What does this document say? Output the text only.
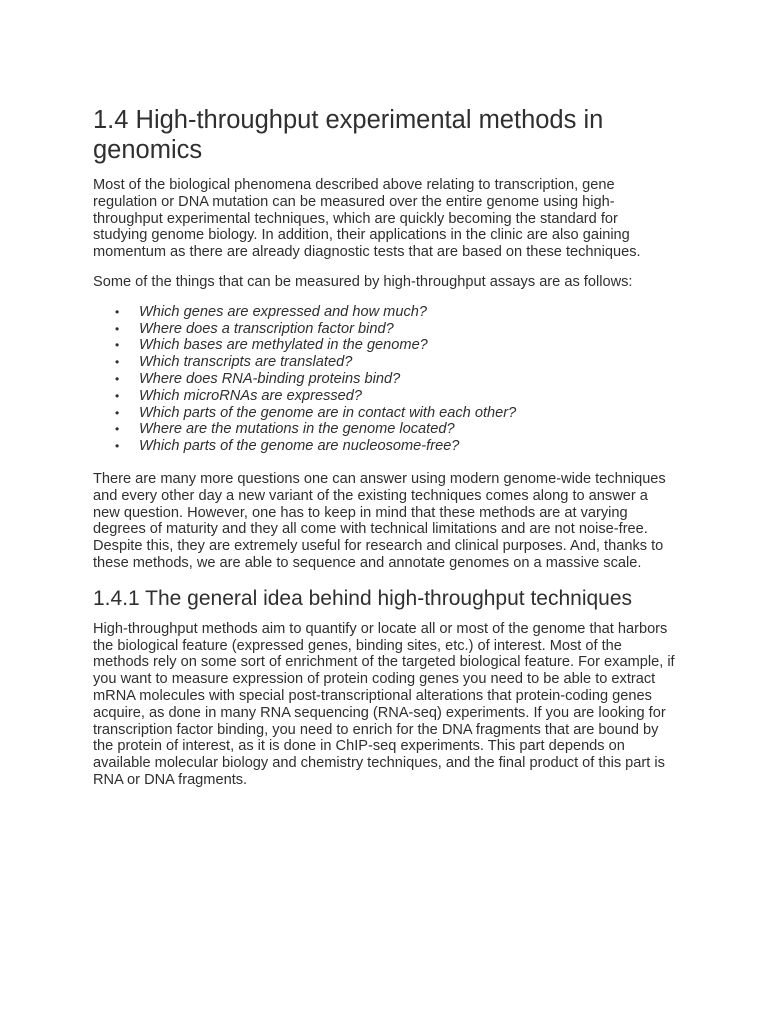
1.4 High-throughput experimental methods in genomics

Most of the biological phenomena described above relating to transcription, gene regulation or DNA mutation can be measured over the entire genome using high-throughput experimental techniques, which are quickly becoming the standard for studying genome biology. In addition, their applications in the clinic are also gaining momentum as there are already diagnostic tests that are based on these techniques.

Some of the things that can be measured by high-throughput assays are as follows:

• Which genes are expressed and how much?
• Where does a transcription factor bind?
• Which bases are methylated in the genome?
• Which transcripts are translated?
• Where does RNA-binding proteins bind?
• Which microRNAs are expressed?
• Which parts of the genome are in contact with each other?
• Where are the mutations in the genome located?
• Which parts of the genome are nucleosome-free?

There are many more questions one can answer using modern genome-wide techniques and every other day a new variant of the existing techniques comes along to answer a new question. However, one has to keep in mind that these methods are at varying degrees of maturity and they all come with technical limitations and are not noise-free. Despite this, they are extremely useful for research and clinical purposes. And, thanks to these methods, we are able to sequence and annotate genomes on a massive scale.

1.4.1 The general idea behind high-throughput techniques

High-throughput methods aim to quantify or locate all or most of the genome that harbors the biological feature (expressed genes, binding sites, etc.) of interest. Most of the methods rely on some sort of enrichment of the targeted biological feature. For example, if you want to measure expression of protein coding genes you need to be able to extract mRNA molecules with special post-transcriptional alterations that protein-coding genes acquire, as done in many RNA sequencing (RNA-seq) experiments. If you are looking for transcription factor binding, you need to enrich for the DNA fragments that are bound by the protein of interest, as it is done in ChIP-seq experiments. This part depends on available molecular biology and chemistry techniques, and the final product of this part is RNA or DNA fragments.
